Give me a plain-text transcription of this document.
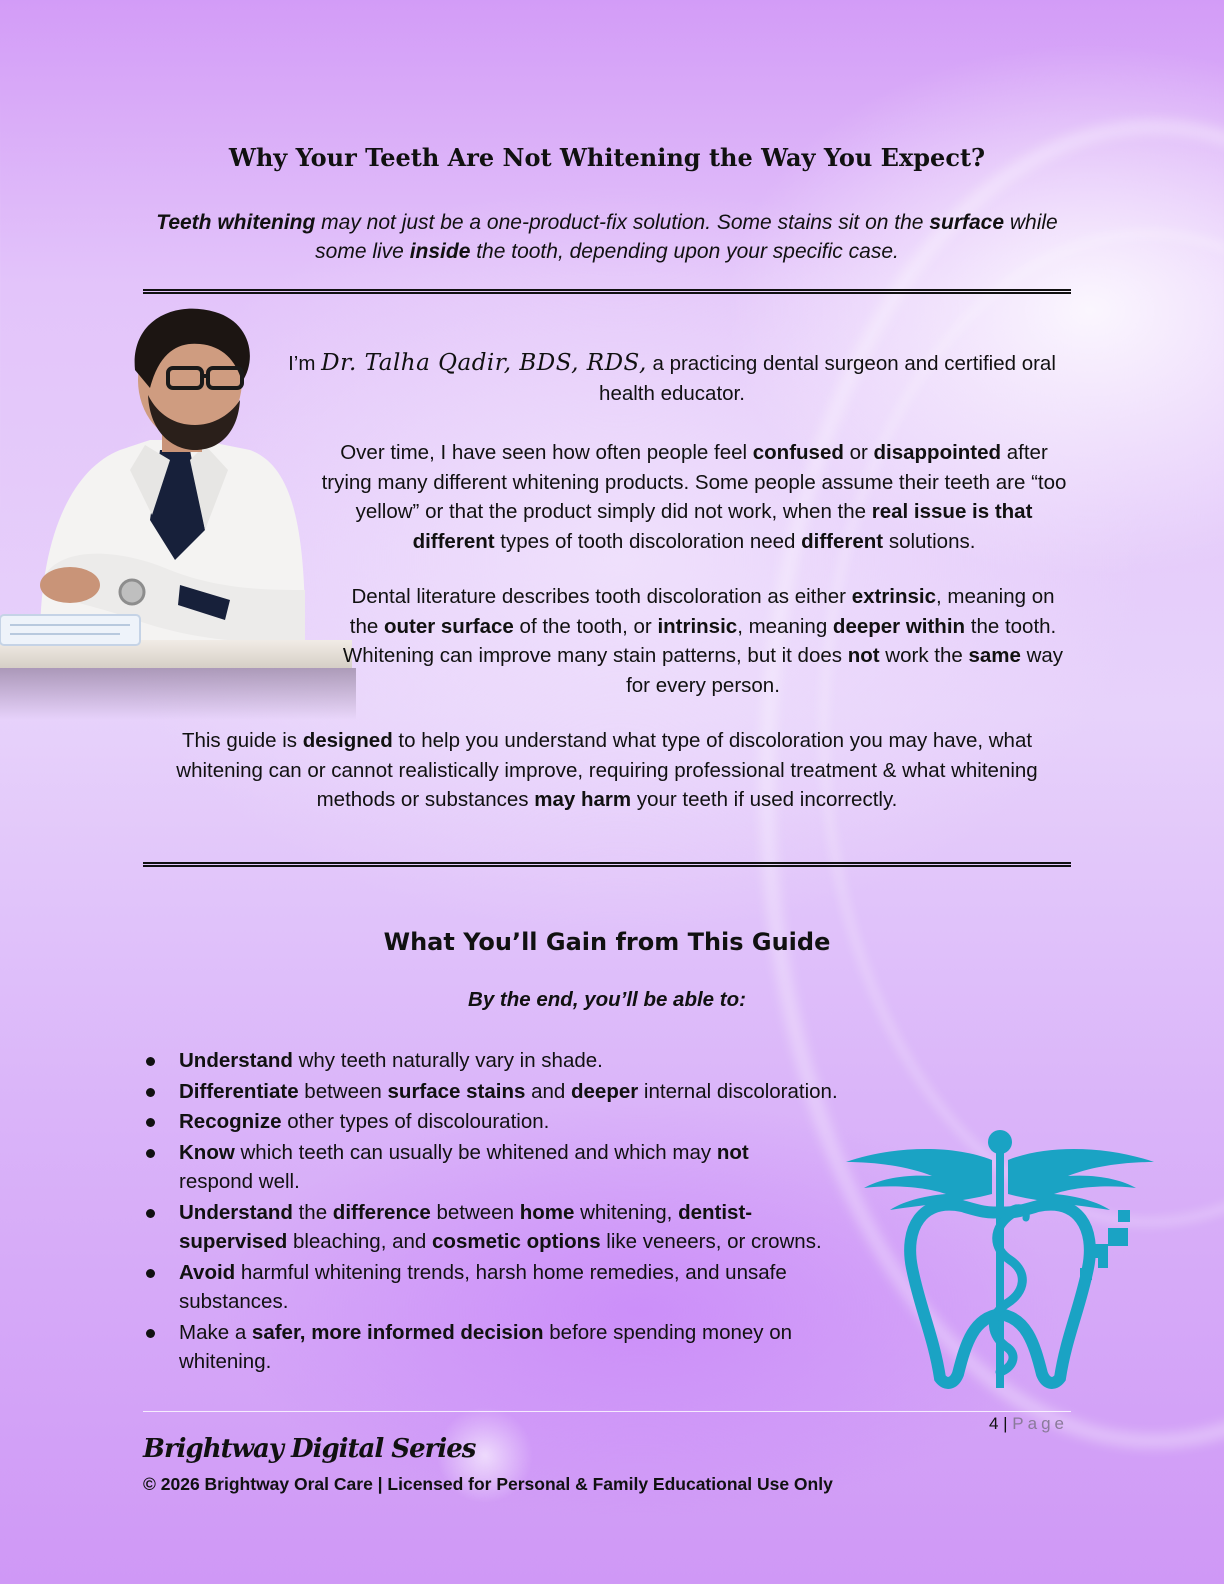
Why Your Teeth Are Not Whitening the Way You Expect?

Teeth whitening may not just be a one-product-fix solution. Some stains sit on the surface while some live inside the tooth, depending upon your specific case.

I’m Dr. Talha Qadir, BDS, RDS, a practicing dental surgeon and certified oral health educator.

Over time, I have seen how often people feel confused or disappointed after trying many different whitening products. Some people assume their teeth are “too yellow” or that the product simply did not work, when the real issue is that different types of tooth discoloration need different solutions.

Dental literature describes tooth discoloration as either extrinsic, meaning on the outer surface of the tooth, or intrinsic, meaning deeper within the tooth. Whitening can improve many stain patterns, but it does not work the same way for every person.

This guide is designed to help you understand what type of discoloration you may have, what whitening can or cannot realistically improve, requiring professional treatment & what whitening methods or substances may harm your teeth if used incorrectly.

What You’ll Gain from This Guide

By the end, you’ll be able to:

Understand why teeth naturally vary in shade.
Differentiate between surface stains and deeper internal discoloration.
Recognize other types of discolouration.
Know which teeth can usually be whitened and which may not respond well.
Understand the difference between home whitening, dentist-supervised bleaching, and cosmetic options like veneers, or crowns.
Avoid harmful whitening trends, harsh home remedies, and unsafe substances.
Make a safer, more informed decision before spending money on whitening.
4 | Page
Brightway Digital Series
© 2026 Brightway Oral Care | Licensed for Personal & Family Educational Use Only
